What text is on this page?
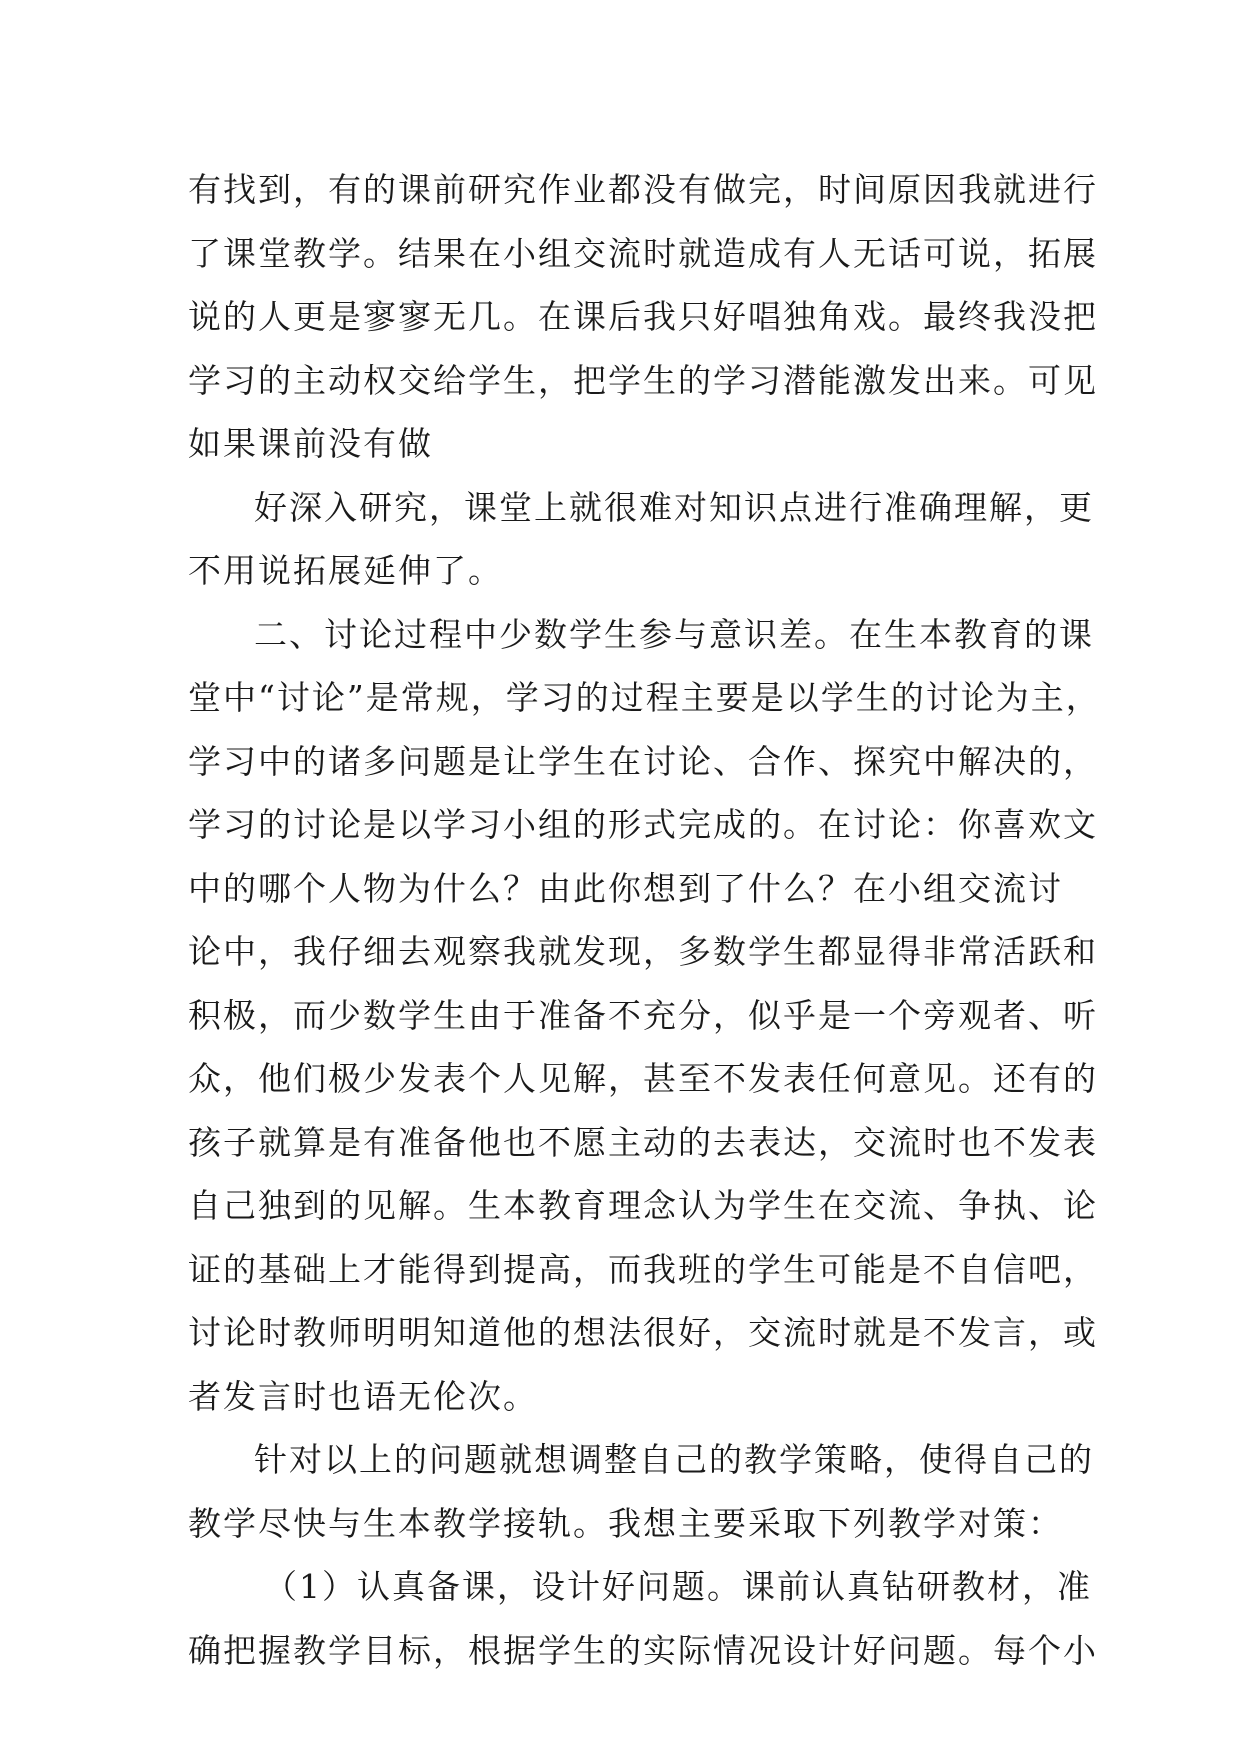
有找到，有的课前研究作业都没有做完，时间原因我就进行
了课堂教学。结果在小组交流时就造成有人无话可说，拓展
说的人更是寥寥无几。在课后我只好唱独角戏。最终我没把
学习的主动权交给学生，把学生的学习潜能激发出来。可见
如果课前没有做
好深入研究，课堂上就很难对知识点进行准确理解，更
不用说拓展延伸了。
二、讨论过程中少数学生参与意识差。在生本教育的课
堂中“讨论”是常规，学习的过程主要是以学生的讨论为主，
学习中的诸多问题是让学生在讨论、合作、探究中解决的，
学习的讨论是以学习小组的形式完成的。在讨论：你喜欢文
中的哪个人物为什么？由此你想到了什么？在小组交流讨
论中，我仔细去观察我就发现，多数学生都显得非常活跃和
积极，而少数学生由于准备不充分，似乎是一个旁观者、听
众，他们极少发表个人见解，甚至不发表任何意见。还有的
孩子就算是有准备他也不愿主动的去表达，交流时也不发表
自己独到的见解。生本教育理念认为学生在交流、争执、论
证的基础上才能得到提高，而我班的学生可能是不自信吧，
讨论时教师明明知道他的想法很好，交流时就是不发言，或
者发言时也语无伦次。
针对以上的问题就想调整自己的教学策略，使得自己的
教学尽快与生本教学接轨。我想主要采取下列教学对策：
（1）认真备课，设计好问题。课前认真钻研教材，准
确把握教学目标，根据学生的实际情况设计好问题。每个小
